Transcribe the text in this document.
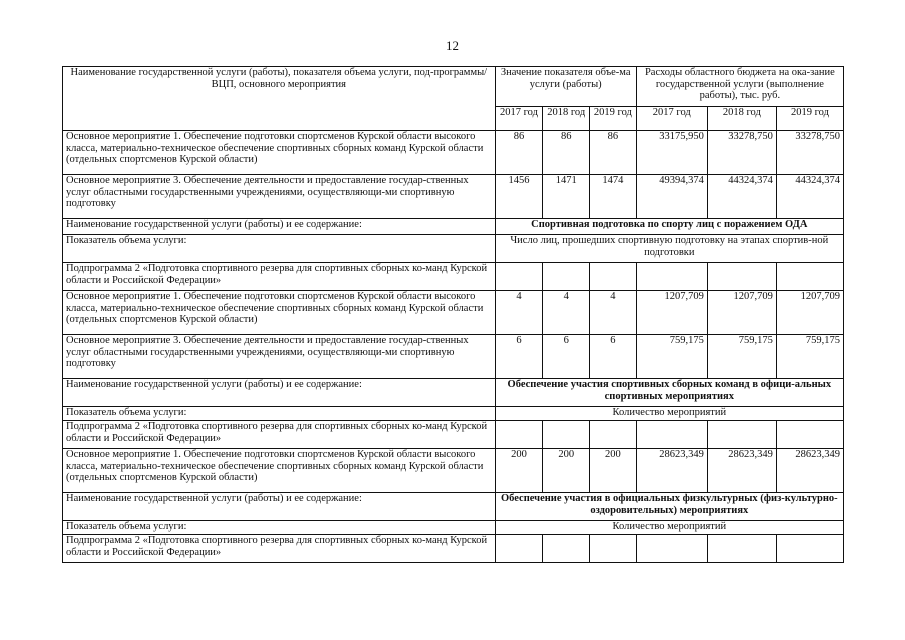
12
Наименование государственной услуги (работы), показателя объема услуги, под-программы/ВЦП, основного мероприятия	Значение показателя объе-ма услуги (работы)			Расходы областного бюджета на ока-зание государственной услуги (выполнение работы), тыс. руб.		
	2017 год	2018 год	2019 год	2017 год	2018 год	2019 год
Основное мероприятие 1. Обеспечение подготовки спортсменов Курской области высокого класса, материально-техническое обеспечение спортивных сборных команд Курской области (отдельных спортсменов Курской области)	86	86	86	33175,950	33278,750	33278,750
Основное мероприятие 3. Обеспечение деятельности и предоставление государ-ственных услуг областными государственными учреждениями, осуществляющи-ми спортивную подготовку	1456	1471	1474	49394,374	44324,374	44324,374
Наименование государственной услуги (работы) и ее содержание:	Спортивная подготовка по спорту лиц с поражением ОДА					
Показатель объема услуги:	Число лиц, прошедших спортивную подготовку на этапах спортив-ной подготовки					
Подпрограмма 2 «Подготовка спортивного резерва для спортивных сборных ко-манд Курской области и Российской Федерации»						
Основное мероприятие 1. Обеспечение подготовки спортсменов Курской области высокого класса, материально-техническое обеспечение спортивных сборных команд Курской области (отдельных спортсменов Курской области)	4	4	4	1207,709	1207,709	1207,709
Основное мероприятие 3. Обеспечение деятельности и предоставление государ-ственных услуг областными государственными учреждениями, осуществляющи-ми спортивную подготовку	6	6	6	759,175	759,175	759,175
Наименование государственной услуги (работы) и ее содержание:	Обеспечение участия спортивных сборных команд в офици-альных спортивных мероприятиях					
Показатель объема услуги:	Количество мероприятий					
Подпрограмма 2 «Подготовка спортивного резерва для спортивных сборных ко-манд Курской области и Российской Федерации»						
Основное мероприятие 1. Обеспечение подготовки спортсменов Курской области высокого класса, материально-техническое обеспечение спортивных сборных команд Курской области (отдельных спортсменов Курской области)	200	200	200	28623,349	28623,349	28623,349
Наименование государственной услуги (работы) и ее содержание:	Обеспечение участия в официальных физкультурных (физ-культурно-оздоровительных) мероприятиях					
Показатель объема услуги:	Количество мероприятий					
Подпрограмма 2 «Подготовка спортивного резерва для спортивных сборных ко-манд Курской области и Российской Федерации»						
